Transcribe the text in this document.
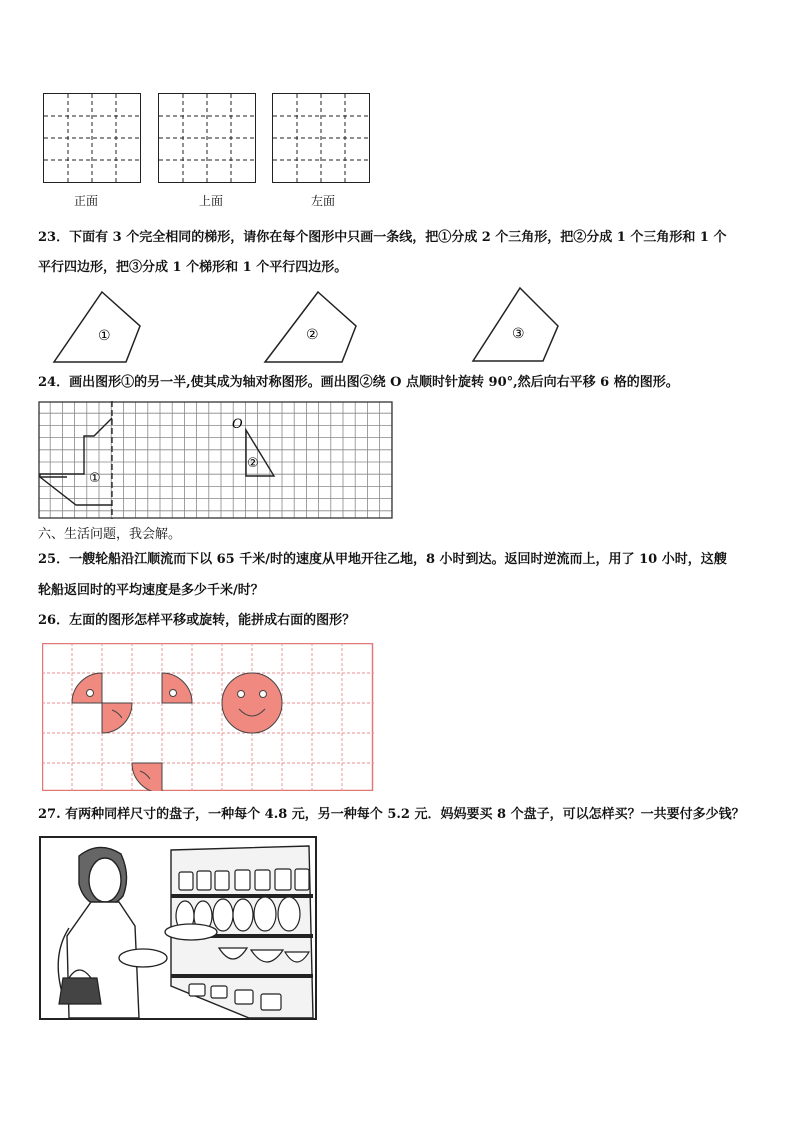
正面	上面	左面
23．下面有 3 个完全相同的梯形，请你在每个图形中只画一条线，把①分成 2 个三角形，把②分成 1 个三角形和 1 个
平行四边形，把③分成 1 个梯形和 1 个平行四边形。
①	②	③
24．画出图形①的另一半,使其成为轴对称图形。画出图②绕 O 点顺时针旋转 90°,然后向右平移 6 格的图形。
①
O
②
六、生活问题，我会解。
25．一艘轮船沿江顺流而下以 65 千米/时的速度从甲地开往乙地，8 小时到达。返回时逆流而上，用了 10 小时，这艘
轮船返回时的平均速度是多少千米/时？
26．左面的图形怎样平移或旋转，能拼成右面的图形？
27. 有两种同样尺寸的盘子，一种每个 4.8 元，另一种每个 5.2 元．妈妈要买 8 个盘子，可以怎样买？一共要付多少钱？
